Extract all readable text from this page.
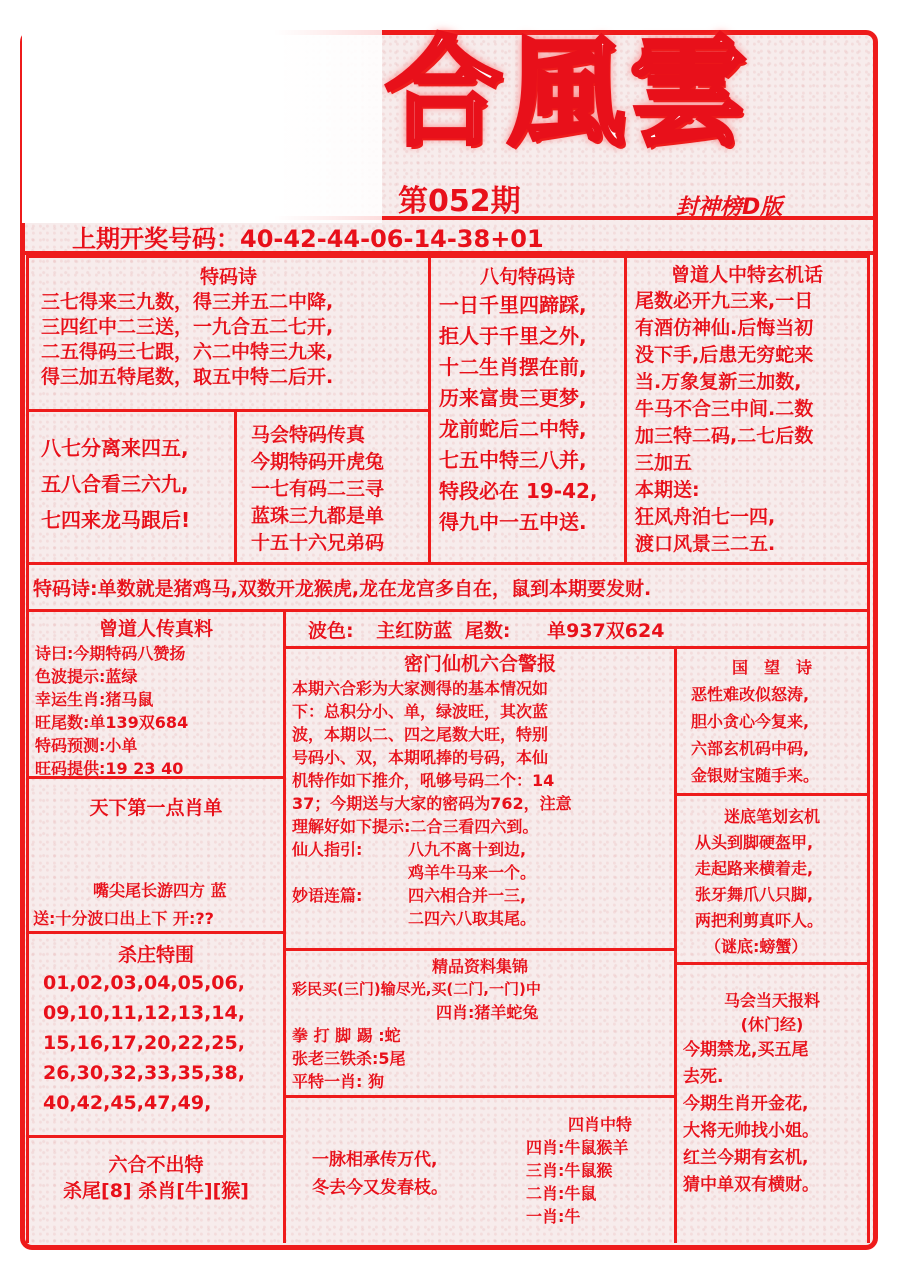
合風雲
第052期	封神榜D版
上期开奖号码：40-42-44-06-14-38+01
特码诗
三七得来三九数，得三并五二中降,
三四红中二三送，一九合五二七开,
二五得码三七跟，六二中特三九来,
得三加五特尾数，取五中特二后开.
八句特码诗
一日千里四蹄踩,
拒人于千里之外,
十二生肖摆在前,
历来富贵三更梦,
龙前蛇后二中特,
七五中特三八并,
特段必在 19-42,
得九中一五中送.
曾道人中特玄机话
尾数必开九三来,一日
有酒仿神仙.后悔当初
没下手,后患无穷蛇来
当.万象复新三加数,
牛马不合三中间.二数
加三特二码,二七后数
三加五
本期送:
狂风舟泊七一四,
渡口风景三二五.
八七分离来四五,
五八合看三六九,
七四来龙马跟后!
马会特码传真
今期特码开虎兔
一七有码二三寻
蓝珠三九都是单
十五十六兄弟码
特码诗:单数就是猪鸡马,双数开龙猴虎,龙在龙宫多自在，鼠到本期要发财.
曾道人传真料
诗曰:今期特码八赞扬
色波提示:蓝绿
幸运生肖:猪马鼠
旺尾数:单139双684
特码预测:小单
旺码提供:19 23 40
天下第一点肖单
嘴尖尾长游四方 蓝
送:十分波口出上下 开:??
杀庄特围
01,02,03,04,05,06,
09,10,11,12,13,14,
15,16,17,20,22,25,
26,30,32,33,35,38,
40,42,45,47,49,
六合不出特
杀尾[8] 杀肖[牛][猴]
波色: 主红防蓝 尾数: 单937双624
密门仙机六合警报
本期六合彩为大家测得的基本情况如
下：总积分小、单，绿波旺，其次蓝
波，本期以二、四之尾数大旺，特别
号码小、双，本期吼捧的号码，本仙
机特作如下推介，吼够号码二个：14
37；今期送与大家的密码为762，注意
理解好如下提示:二合三看四六到。
仙人指引:	八九不离十到边,
鸡羊牛马来一个。
妙语连篇:	四六相合并一三,
二四六八取其尾。
精品资料集锦
彩民买(三门)输尽光,买(二门,一门)中
四肖:猪羊蛇兔
拳 打 脚 踢 :蛇
张老三铁杀:5尾
平特一肖: 狗
一脉相承传万代,
冬去今又发春枝。
四肖中特
四肖:牛鼠猴羊
三肖:牛鼠猴
二肖:牛鼠
一肖:牛
国　望　诗
恶性难改似怒涛,
胆小贪心今复来,
六部玄机码中码,
金银财宝随手来。
迷底笔划玄机
从头到脚硬盔甲,
走起路来横着走,
张牙舞爪八只脚,
两把利剪真吓人。
（谜底:螃蟹）
马会当天报料
(休门经)
今期禁龙,买五尾
去死.
今期生肖开金花,
大将无帅找小姐。
红兰今期有玄机,
猜中单双有横财。
